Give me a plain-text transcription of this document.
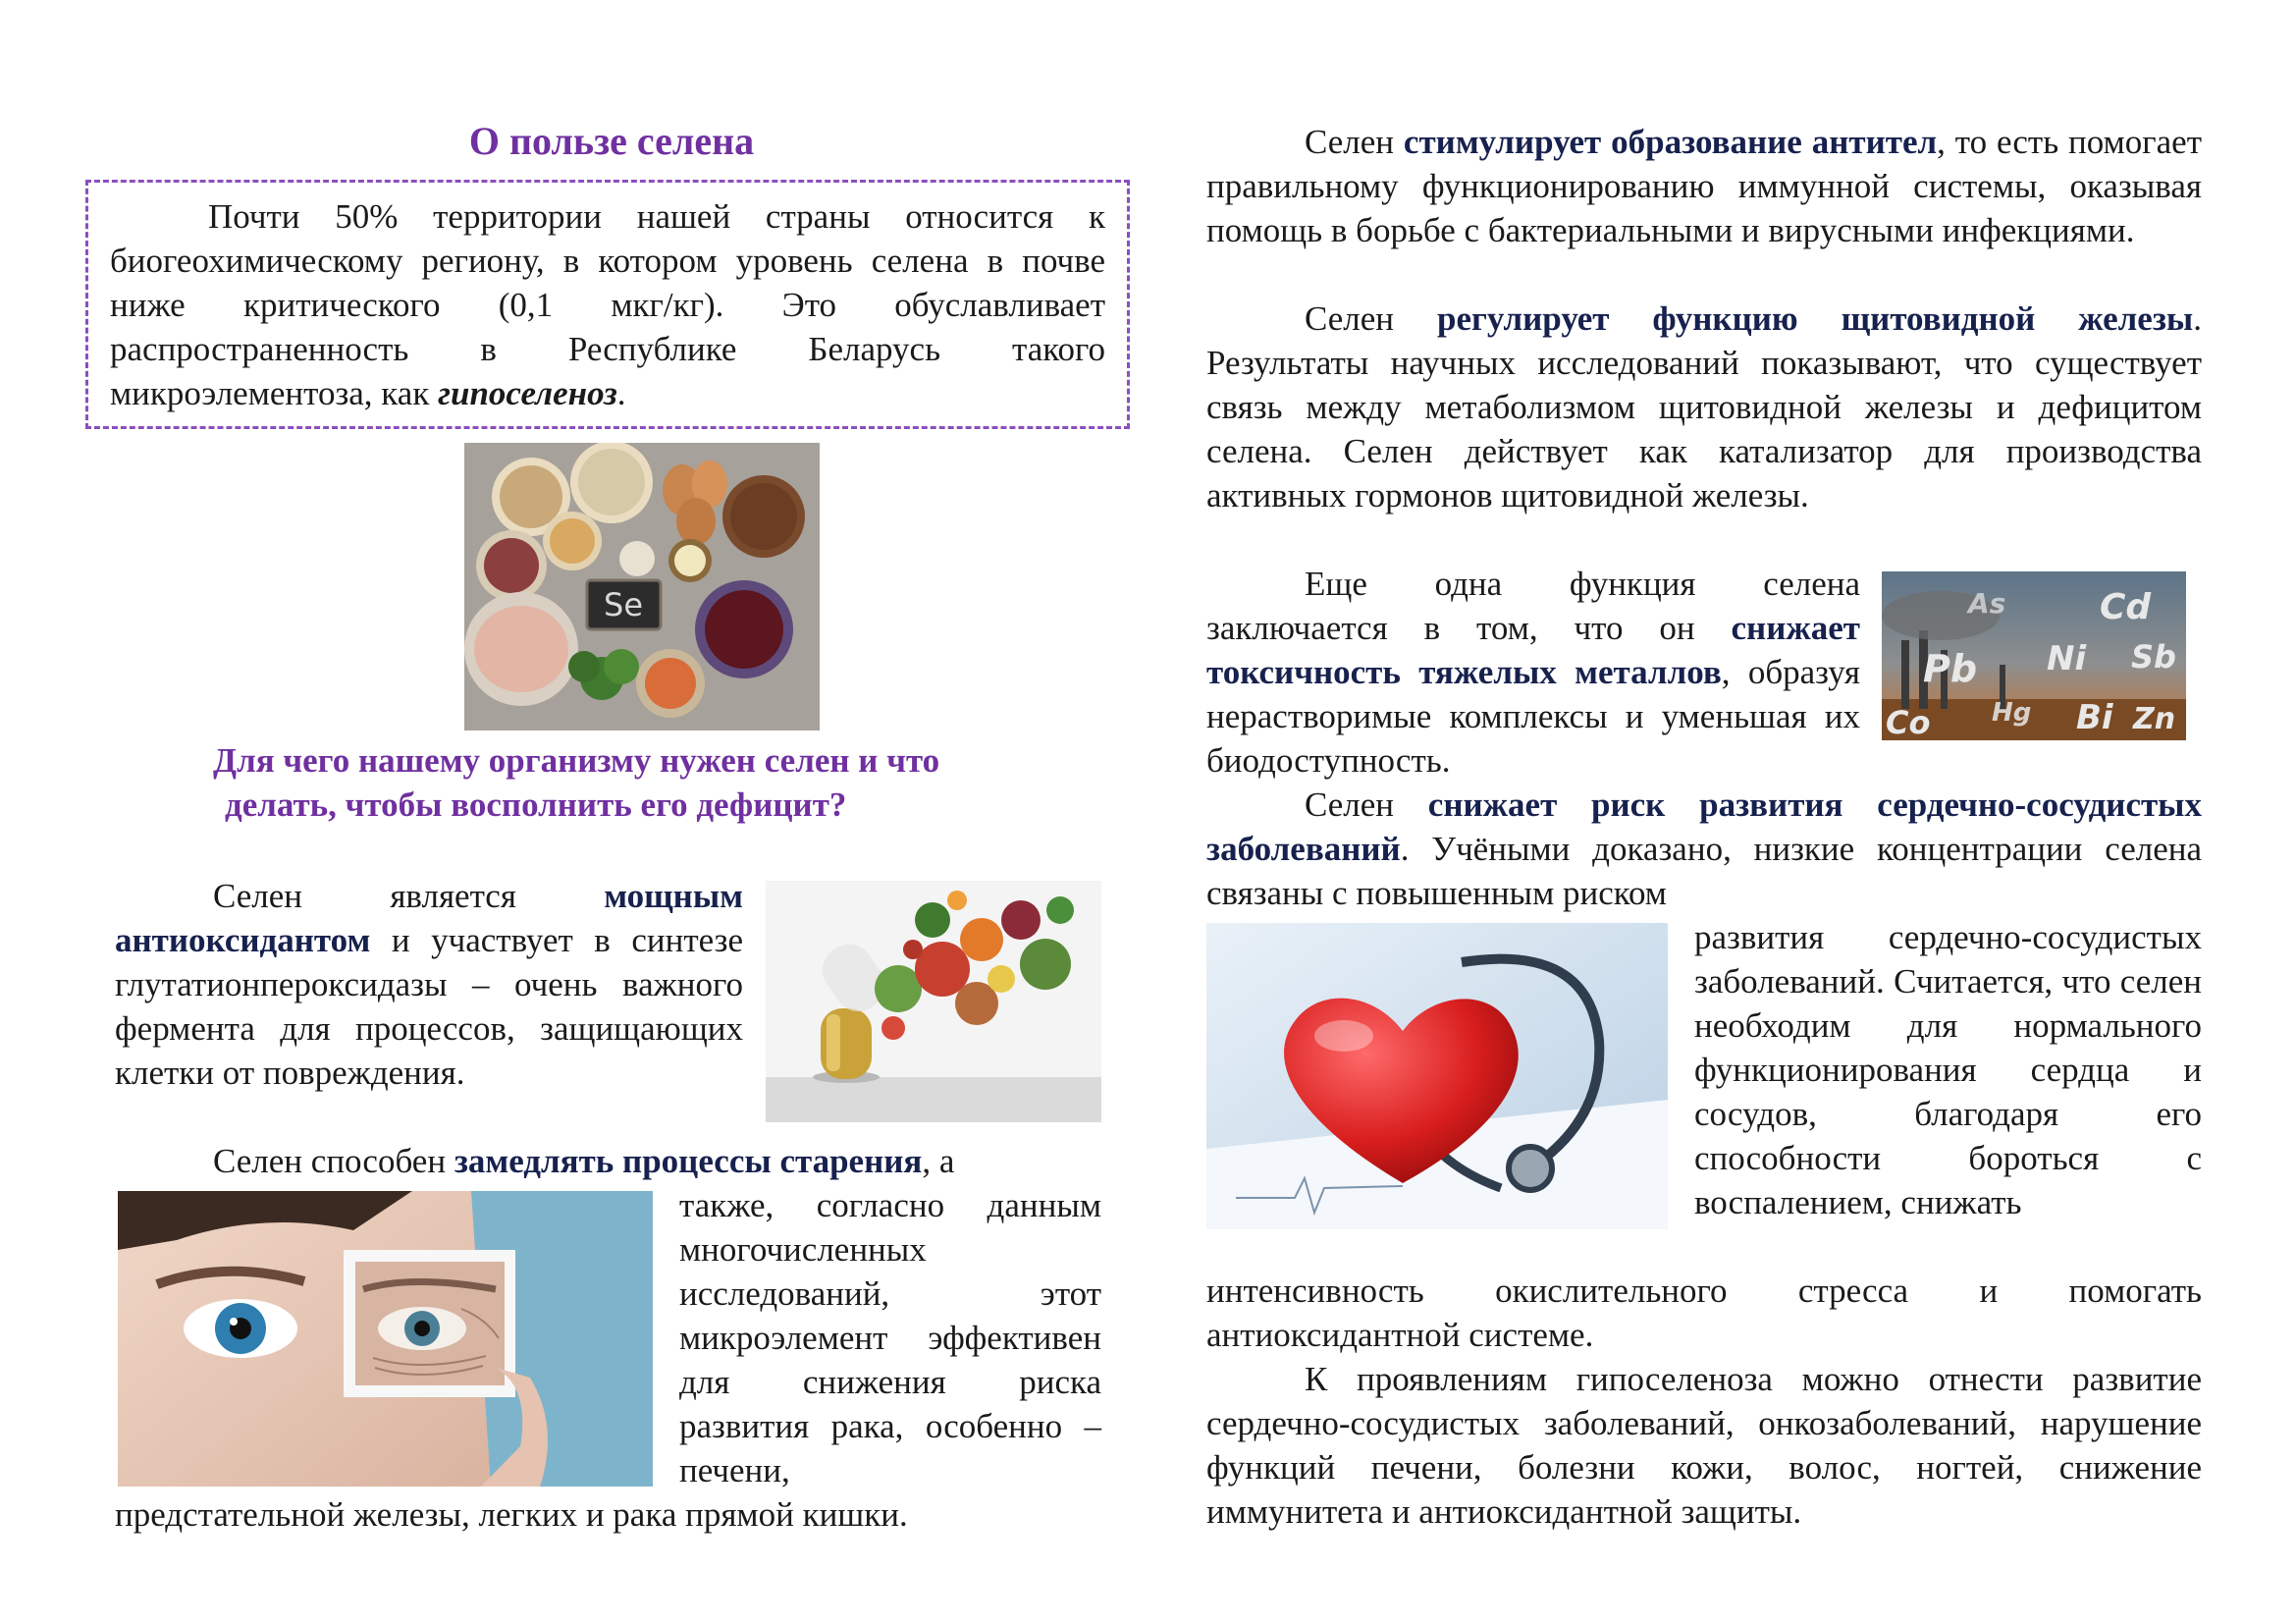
О пользе селена

Почти 50% территории нашей страны относится к биогеохимическому региону, в котором уровень селена в почве ниже критического (0,1 мкг/кг). Это обуславливает распространенность в Республике Беларусь такого микроэлементоза, как гипоселеноз.

Se
Для чего нашему организму нужен селен и что
делать, чтобы восполнить его дефицит?

Селен является мощным антиоксидантом и участвует в синтезе глутатионпероксидазы – очень важного фермента для процессов, защищающих клетки от повреждения.

Селен способен замедлять процессы старения, а

также, согласно данным многочисленных исследований, этот микроэлемент эффективен для снижения риска развития рака, особенно – печени,

предстательной железы, легких и рака прямой кишки.

Селен стимулирует образование антител, то есть помогает правильному функционированию иммунной системы, оказывая помощь в борьбе с бактериальными и вирусными инфекциями.

Селен регулирует функцию щитовидной железы. Результаты научных исследований показывают, что существует связь между метаболизмом щитовидной железы и дефицитом селена. Селен действует как катализатор для производства активных гормонов щитовидной железы.

Еще одна функция селена заключается в том, что он снижает токсичность тяжелых металлов, образуя нерастворимые комплексы и уменьшая их биодоступность.

As	Cd
Pb Ni Sb
Hg
Co	Bi Zn

Селен снижает риск развития сердечно-сосудистых заболеваний. Учёными доказано, низкие концентрации селена связаны с повышенным риском

развития сердечно-сосудистых заболеваний. Считается, что селен необходим для нормального функционирования сердца и сосудов, благодаря его способности бороться с воспалением, снижать

интенсивность окислительного стресса и помогать антиоксидантной системе.

К проявлениям гипоселеноза можно отнести развитие сердечно-сосудистых заболеваний, онкозаболеваний, нарушение функций печени, болезни кожи, волос, ногтей, снижение иммунитета и антиоксидантной защиты.
